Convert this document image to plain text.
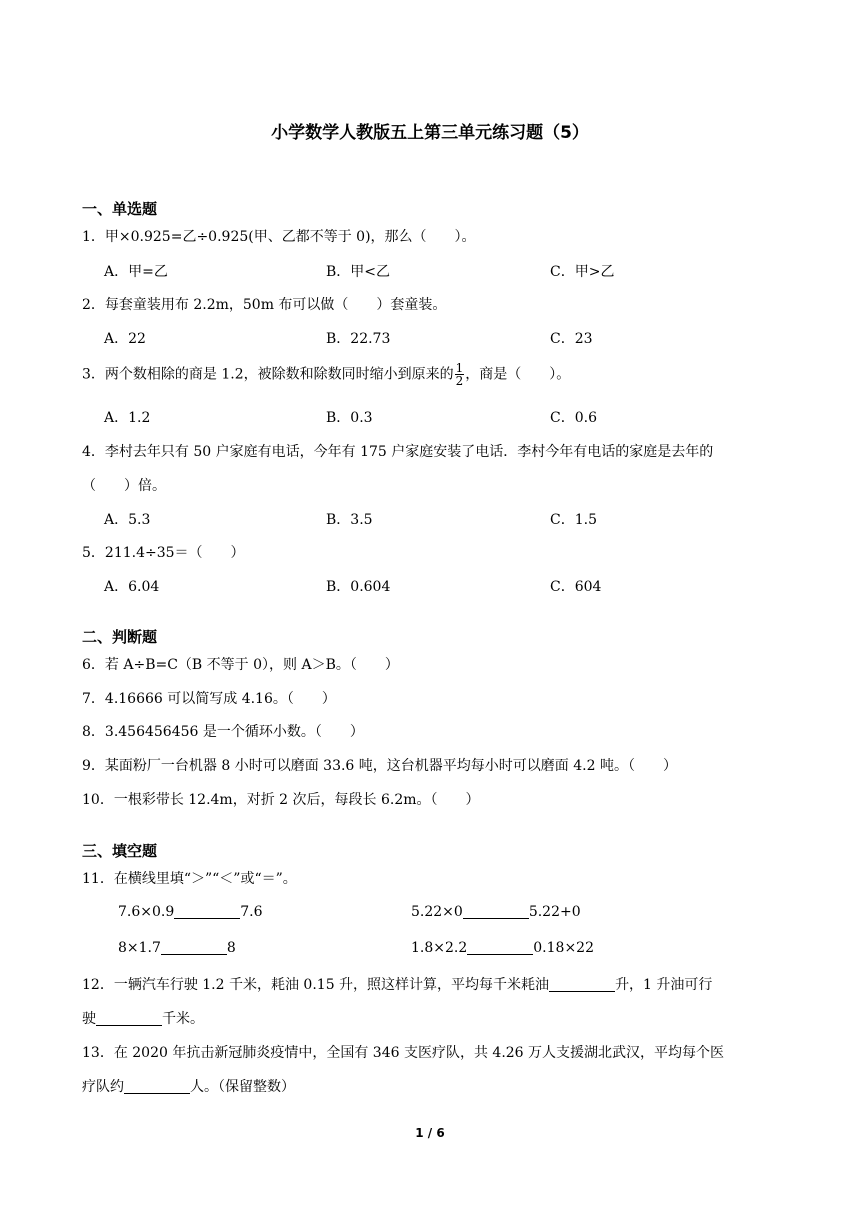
小学数学人教版五上第三单元练习题（5）
一、单选题
1．甲×0.925=乙÷0.925(甲、乙都不等于 0)，那么（　　）。
A．甲=乙	B．甲<乙	C．甲>乙
2．每套童装用布 2.2m，50m 布可以做（　　）套童装。
A．22	B．22.73	C．23
3．两个数相除的商是 1.2，被除数和除数同时缩小到原来的 $\frac{1}{2}$ ，商是（　　）。
A．1.2	B．0.3	C．0.6
4．李村去年只有 50 户家庭有电话，今年有 175 户家庭安装了电话．李村今年有电话的家庭是去年的
（　　）倍。
A．5.3	B．3.5	C．1.5
5．211.4÷35＝（　　）
A．6.04	B．0.604	C．604
二、判断题
6．若 A÷B=C（B 不等于 0），则 A＞B。（　　）
7．4.16666 可以简写成 4.16。（　　）
8．3.456456456 是一个循环小数。（　　）
9．某面粉厂一台机器 8 小时可以磨面 33.6 吨，这台机器平均每小时可以磨面 4.2 吨。（　　）
10．一根彩带长 12.4m，对折 2 次后，每段长 6.2m。（　　）
三、填空题
11．在横线里填“＞”“＜”或“＝”。
7.6×0.9	7.6	5.22×0	5.22+0
8×1.7	8	1.8×2.2	0.18×22
12．一辆汽车行驶 1.2 千米，耗油 0.15 升，照这样计算，平均每千米耗油	升，1 升油可行
驶	千米。
13．在 2020 年抗击新冠肺炎疫情中，全国有 346 支医疗队，共 4.26 万人支援湖北武汉，平均每个医
疗队约	人。（保留整数）
1 / 6
